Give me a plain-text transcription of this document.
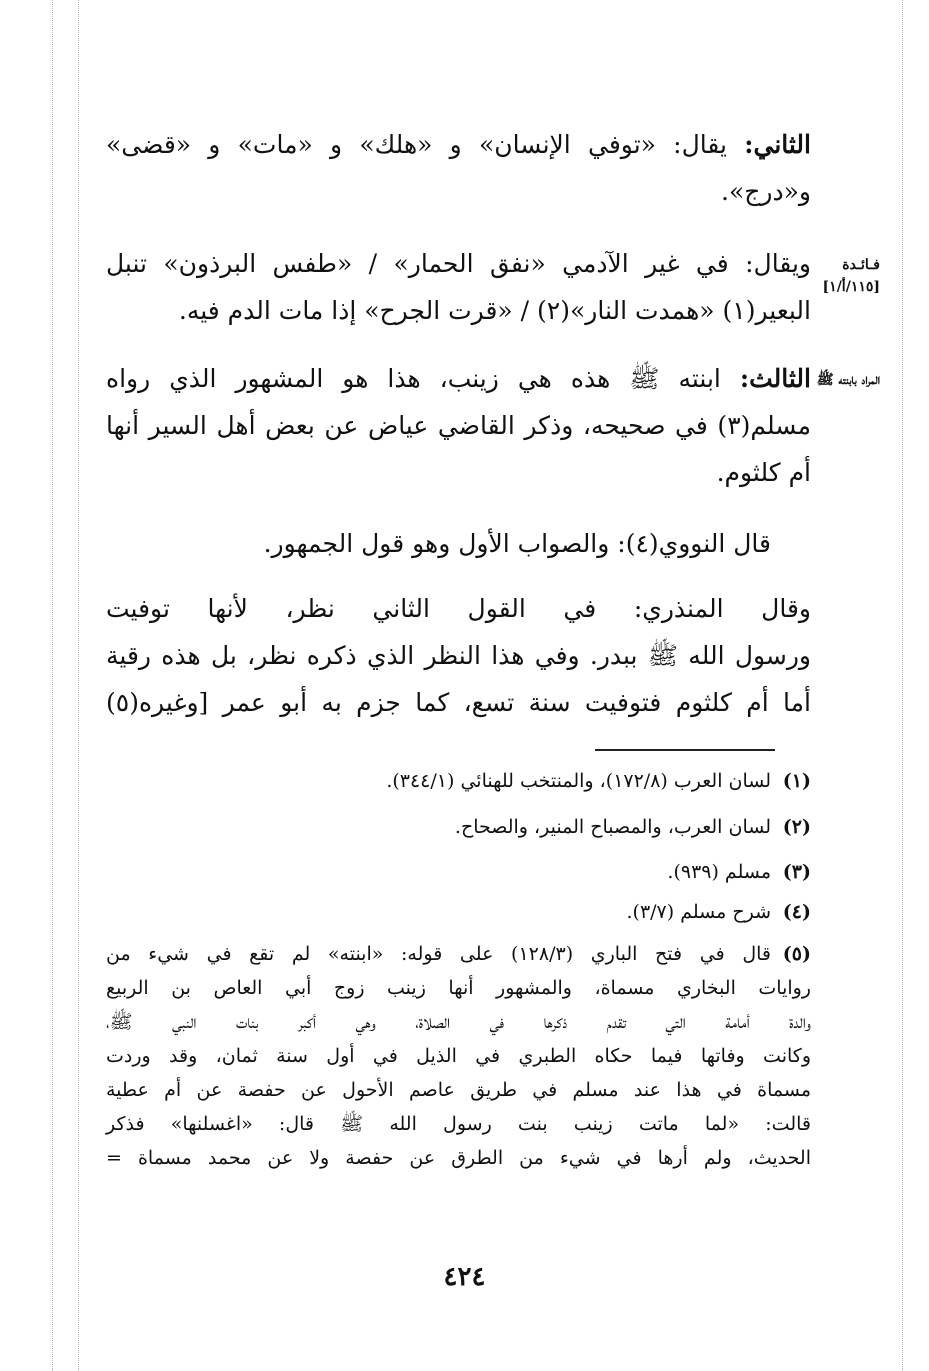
الثاني: يقال: «توفي الإنسان» و «هلك» و «مات» و «قضى»
و«درج».
ويقال: في غير الآدمي «نفق الحمار» / «طفس البرذون» تنبل
البعير(١) «همدت النار»(٢) / «قرت الجرح» إذا مات الدم فيه.
الثالث: ابنته ﷺ هذه هي زينب، هذا هو المشهور الذي رواه
مسلم(٣) في صحيحه، وذكر القاضي عياض عن بعض أهل السير أنها
أم كلثوم.
قال النووي(٤): والصواب الأول وهو قول الجمهور.
وقال المنذري: في القول الثاني نظر، لأنها توفيت
ورسول الله ﷺ ببدر. وفي هذا النظر الذي ذكره نظر، بل هذه رقية
أما أم كلثوم فتوفيت سنة تسع، كما جزم به أبو عمر [وغيره(٥)
فـائـدة
[١١٥/أ/١]
المراد بابنته ﷺ
(١)
لسان العرب (١٧٢/٨)، والمنتخب للهنائي (٣٤٤/١).
(٢)
لسان العرب، والمصباح المنير، والصحاح.
(٣)
مسلم (٩٣٩).
(٤)
شرح مسلم (٣/٧).
(٥)
قال في فتح الباري (١٢٨/٣) على قوله: «ابنته» لم تقع في شيء من
روايات البخاري مسماة، والمشهور أنها زينب زوج أبي العاص بن الربيع
والدة أمامة التي تقدم ذكرها في الصلاة، وهي أكبر بنات النبي ﷺ،
وكانت وفاتها فيما حكاه الطبري في الذيل في أول سنة ثمان، وقد وردت
مسماة في هذا عند مسلم في طريق عاصم الأحول عن حفصة عن أم عطية
قالت: «لما ماتت زينب بنت رسول الله ﷺ قال: «اغسلنها» فذكر
الحديث، ولم أرها في شيء من الطرق عن حفصة ولا عن محمد مسماة =
٤٢٤
